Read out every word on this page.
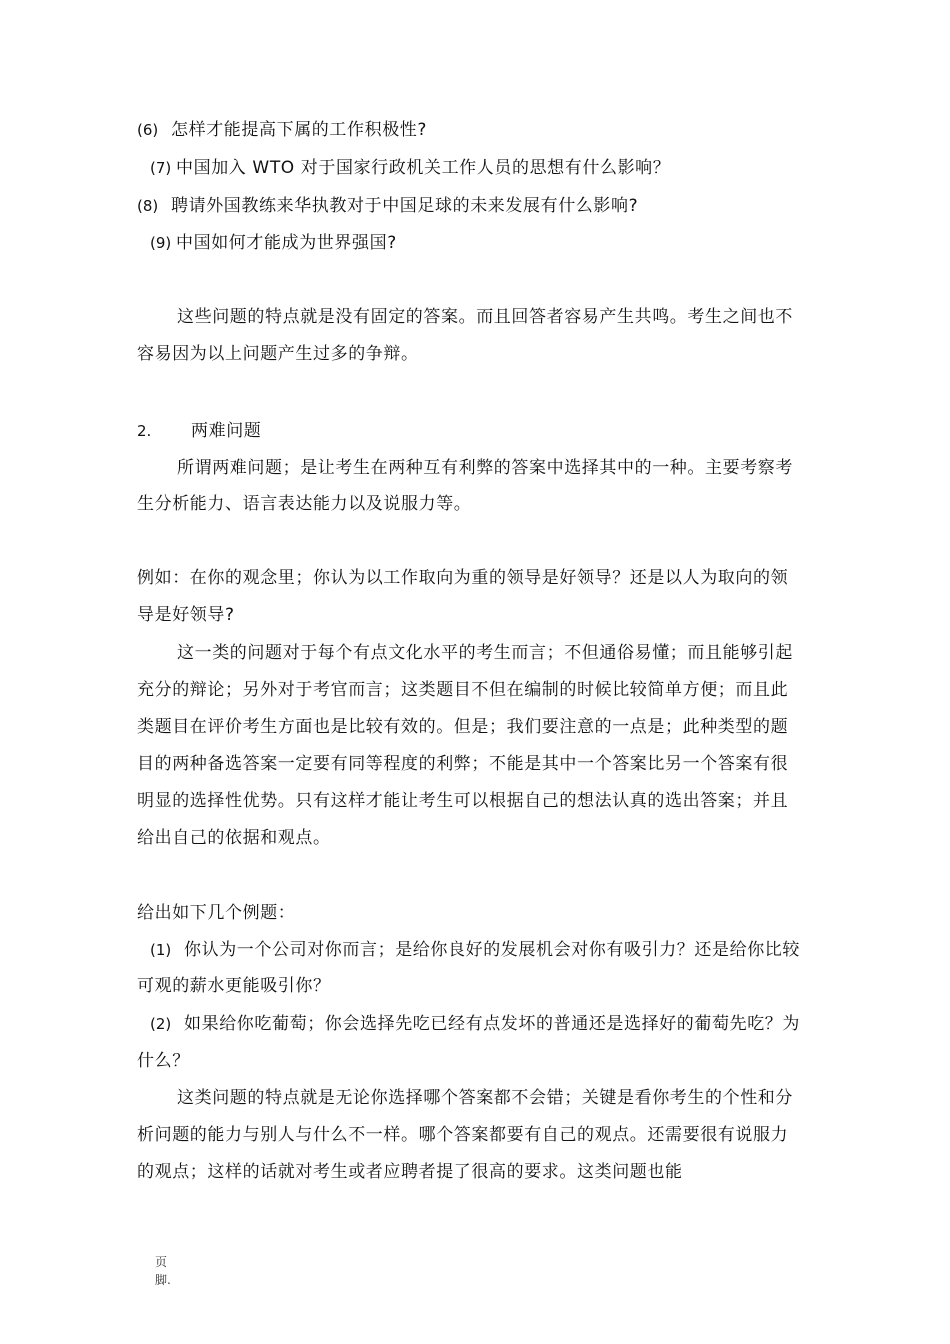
(6) 怎样才能提高下属的工作积极性?
(7) 中国加入 WTO 对于国家行政机关工作人员的思想有什么影响？
(8) 聘请外国教练来华执教对于中国足球的未来发展有什么影响?
(9) 中国如何才能成为世界强国?
这些问题的特点就是没有固定的答案。而且回答者容易产生共鸣。考生之间也不
容易因为以上问题产生过多的争辩。
2. 两难问题
所谓两难问题；是让考生在两种互有利弊的答案中选择其中的一种。主要考察考
生分析能力、语言表达能力以及说服力等。
例如：在你的观念里；你认为以工作取向为重的领导是好领导？还是以人为取向的领
导是好领导?
这一类的问题对于每个有点文化水平的考生而言；不但通俗易懂；而且能够引起
充分的辩论；另外对于考官而言；这类题目不但在编制的时候比较简单方便；而且此
类题目在评价考生方面也是比较有效的。但是；我们要注意的一点是；此种类型的题
目的两种备选答案一定要有同等程度的利弊；不能是其中一个答案比另一个答案有很
明显的选择性优势。只有这样才能让考生可以根据自己的想法认真的选出答案；并且
给出自己的依据和观点。
给出如下几个例题：
(1) 你认为一个公司对你而言；是给你良好的发展机会对你有吸引力？还是给你比较
可观的薪水更能吸引你？
(2) 如果给你吃葡萄；你会选择先吃已经有点发坏的普通还是选择好的葡萄先吃？为
什么？
这类问题的特点就是无论你选择哪个答案都不会错；关键是看你考生的个性和分
析问题的能力与别人与什么不一样。哪个答案都要有自己的观点。还需要很有说服力
的观点；这样的话就对考生或者应聘者提了很高的要求。这类问题也能
页
脚.
